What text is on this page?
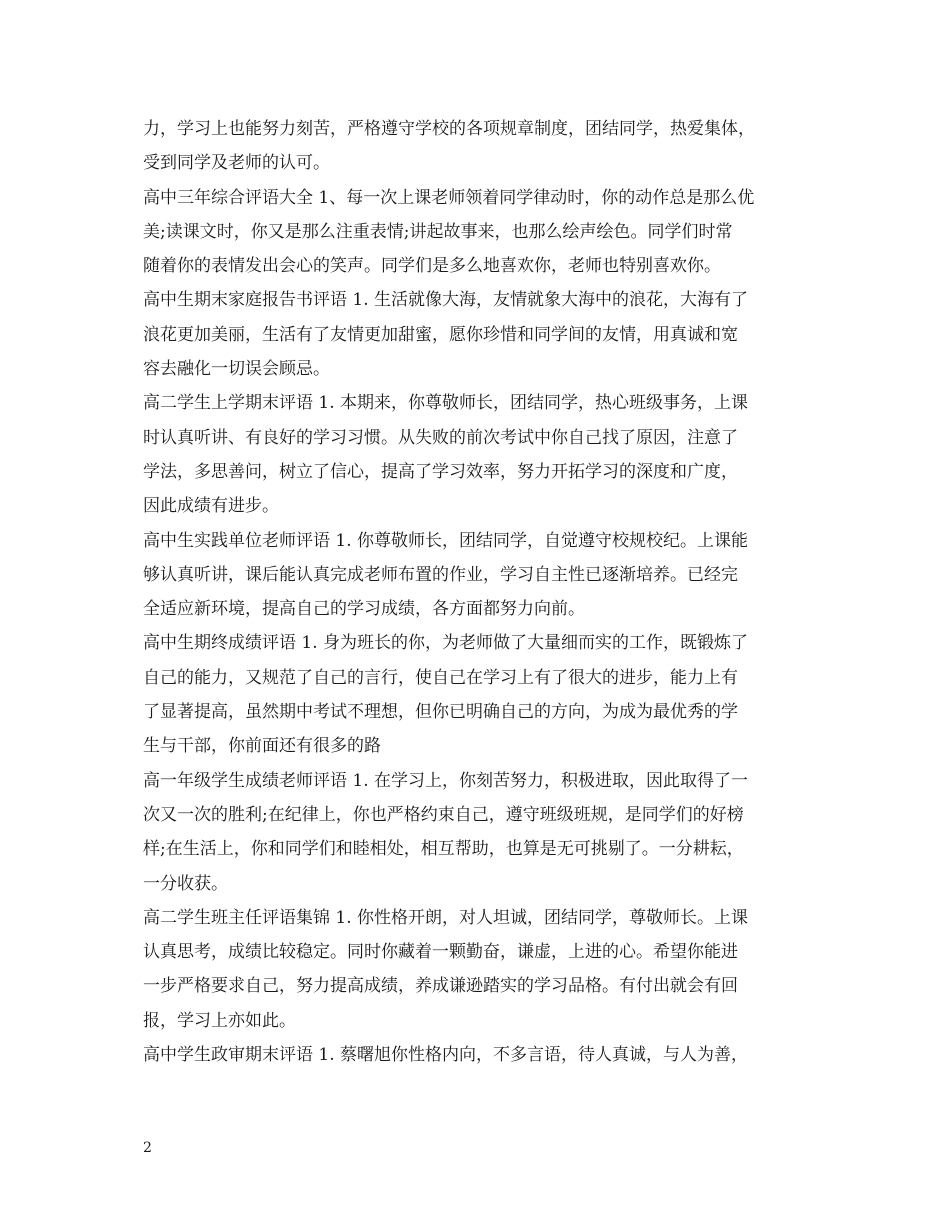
力，学习上也能努力刻苦，严格遵守学校的各项规章制度，团结同学，热爱集体，
受到同学及老师的认可。
高中三年综合评语大全 1、每一次上课老师领着同学律动时，你的动作总是那么优
美;读课文时，你又是那么注重表情;讲起故事来，也那么绘声绘色。同学们时常
随着你的表情发出会心的笑声。同学们是多么地喜欢你，老师也特别喜欢你。
高中生期末家庭报告书评语 1. 生活就像大海，友情就象大海中的浪花，大海有了
浪花更加美丽，生活有了友情更加甜蜜，愿你珍惜和同学间的友情，用真诚和宽
容去融化一切误会顾忌。
高二学生上学期末评语 1. 本期来，你尊敬师长，团结同学，热心班级事务，上课
时认真听讲、有良好的学习习惯。从失败的前次考试中你自己找了原因，注意了
学法，多思善问，树立了信心，提高了学习效率，努力开拓学习的深度和广度，
因此成绩有进步。
高中生实践单位老师评语 1. 你尊敬师长，团结同学，自觉遵守校规校纪。上课能
够认真听讲，课后能认真完成老师布置的作业，学习自主性已逐渐培养。已经完
全适应新环境，提高自己的学习成绩，各方面都努力向前。
高中生期终成绩评语 1. 身为班长的你，为老师做了大量细而实的工作，既锻炼了
自己的能力，又规范了自己的言行，使自己在学习上有了很大的进步，能力上有
了显著提高，虽然期中考试不理想，但你已明确自己的方向，为成为最优秀的学
生与干部，你前面还有很多的路
高一年级学生成绩老师评语 1. 在学习上，你刻苦努力，积极进取，因此取得了一
次又一次的胜利;在纪律上，你也严格约束自己，遵守班级班规，是同学们的好榜
样;在生活上，你和同学们和睦相处，相互帮助，也算是无可挑剔了。一分耕耘，
一分收获。
高二学生班主任评语集锦 1. 你性格开朗，对人坦诚，团结同学，尊敬师长。上课
认真思考，成绩比较稳定。同时你藏着一颗勤奋，谦虚，上进的心。希望你能进
一步严格要求自己，努力提高成绩，养成谦逊踏实的学习品格。有付出就会有回
报，学习上亦如此。
高中学生政审期末评语 1. 蔡曙旭你性格内向，不多言语，待人真诚，与人为善，
2
